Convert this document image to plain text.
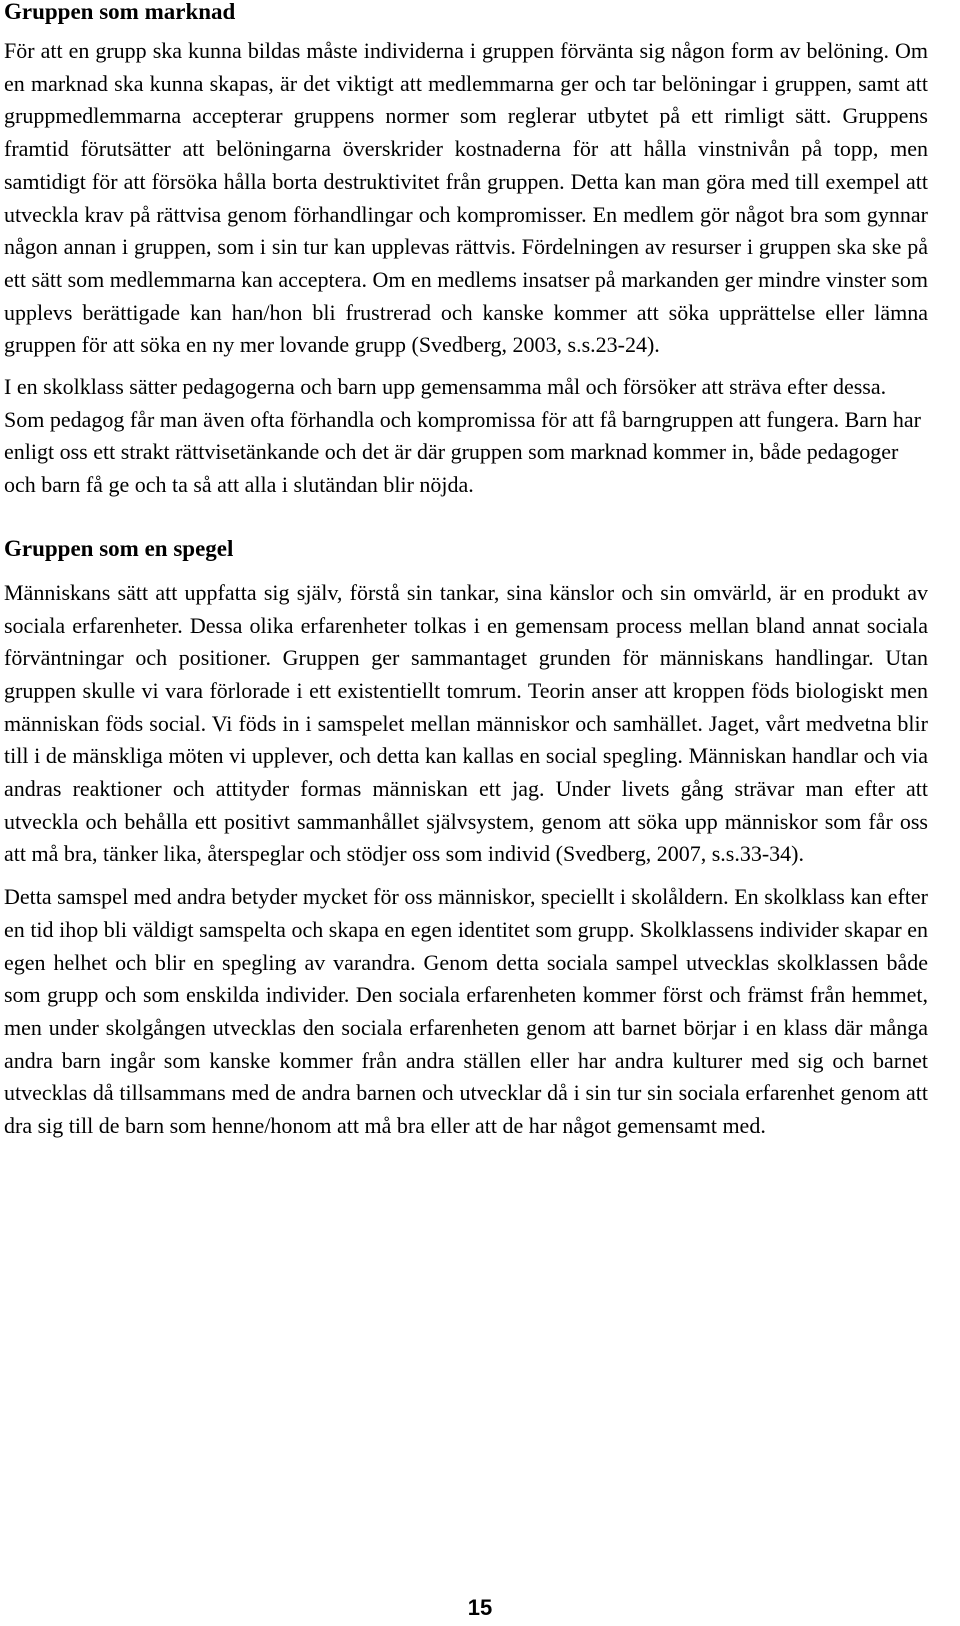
Gruppen som marknad

För att en grupp ska kunna bildas måste individerna i gruppen förvänta sig någon form av belöning. Om en marknad ska kunna skapas, är det viktigt att medlemmarna ger och tar belöningar i gruppen, samt att gruppmedlemmarna accepterar gruppens normer som reglerar utbytet på ett rimligt sätt. Gruppens framtid förutsätter att belöningarna överskrider kostnaderna för att hålla vinstnivån på topp, men samtidigt för att försöka hålla borta destruktivitet från gruppen. Detta kan man göra med till exempel att utveckla krav på rättvisa genom förhandlingar och kompromisser. En medlem gör något bra som gynnar någon annan i gruppen, som i sin tur kan upplevas rättvis. Fördelningen av resurser i gruppen ska ske på ett sätt som medlemmarna kan acceptera. Om en medlems insatser på markanden ger mindre vinster som upplevs berättigade kan han/hon bli frustrerad och kanske kommer att söka upprättelse eller lämna gruppen för att söka en ny mer lovande grupp (Svedberg, 2003, s.s.23-24).

I en skolklass sätter pedagogerna och barn upp gemensamma mål och försöker att sträva efter dessa. Som pedagog får man även ofta förhandla och kompromissa för att få barngruppen att fungera. Barn har enligt oss ett strakt rättvisetänkande och det är där gruppen som marknad kommer in, både pedagoger och barn få ge och ta så att alla i slutändan blir nöjda.

Gruppen som en spegel

Människans sätt att uppfatta sig själv, förstå sin tankar, sina känslor och sin omvärld, är en produkt av sociala erfarenheter. Dessa olika erfarenheter tolkas i en gemensam process mellan bland annat sociala förväntningar och positioner. Gruppen ger sammantaget grunden för människans handlingar. Utan gruppen skulle vi vara förlorade i ett existentiellt tomrum. Teorin anser att kroppen föds biologiskt men människan föds social. Vi föds in i samspelet mellan människor och samhället. Jaget, vårt medvetna blir till i de mänskliga möten vi upplever, och detta kan kallas en social spegling. Människan handlar och via andras reaktioner och attityder formas människan ett jag. Under livets gång strävar man efter att utveckla och behålla ett positivt sammanhållet självsystem, genom att söka upp människor som får oss att må bra, tänker lika, återspeglar och stödjer oss som individ (Svedberg, 2007, s.s.33-34).

Detta samspel med andra betyder mycket för oss människor, speciellt i skolåldern. En skolklass kan efter en tid ihop bli väldigt samspelta och skapa en egen identitet som grupp. Skolklassens individer skapar en egen helhet och blir en spegling av varandra. Genom detta sociala sampel utvecklas skolklassen både som grupp och som enskilda individer. Den sociala erfarenheten kommer först och främst från hemmet, men under skolgången utvecklas den sociala erfarenheten genom att barnet börjar i en klass där många andra barn ingår som kanske kommer från andra ställen eller har andra kulturer med sig och barnet utvecklas då tillsammans med de andra barnen och utvecklar då i sin tur sin sociala erfarenhet genom att dra sig till de barn som henne/honom att må bra eller att de har något gemensamt med.

15
